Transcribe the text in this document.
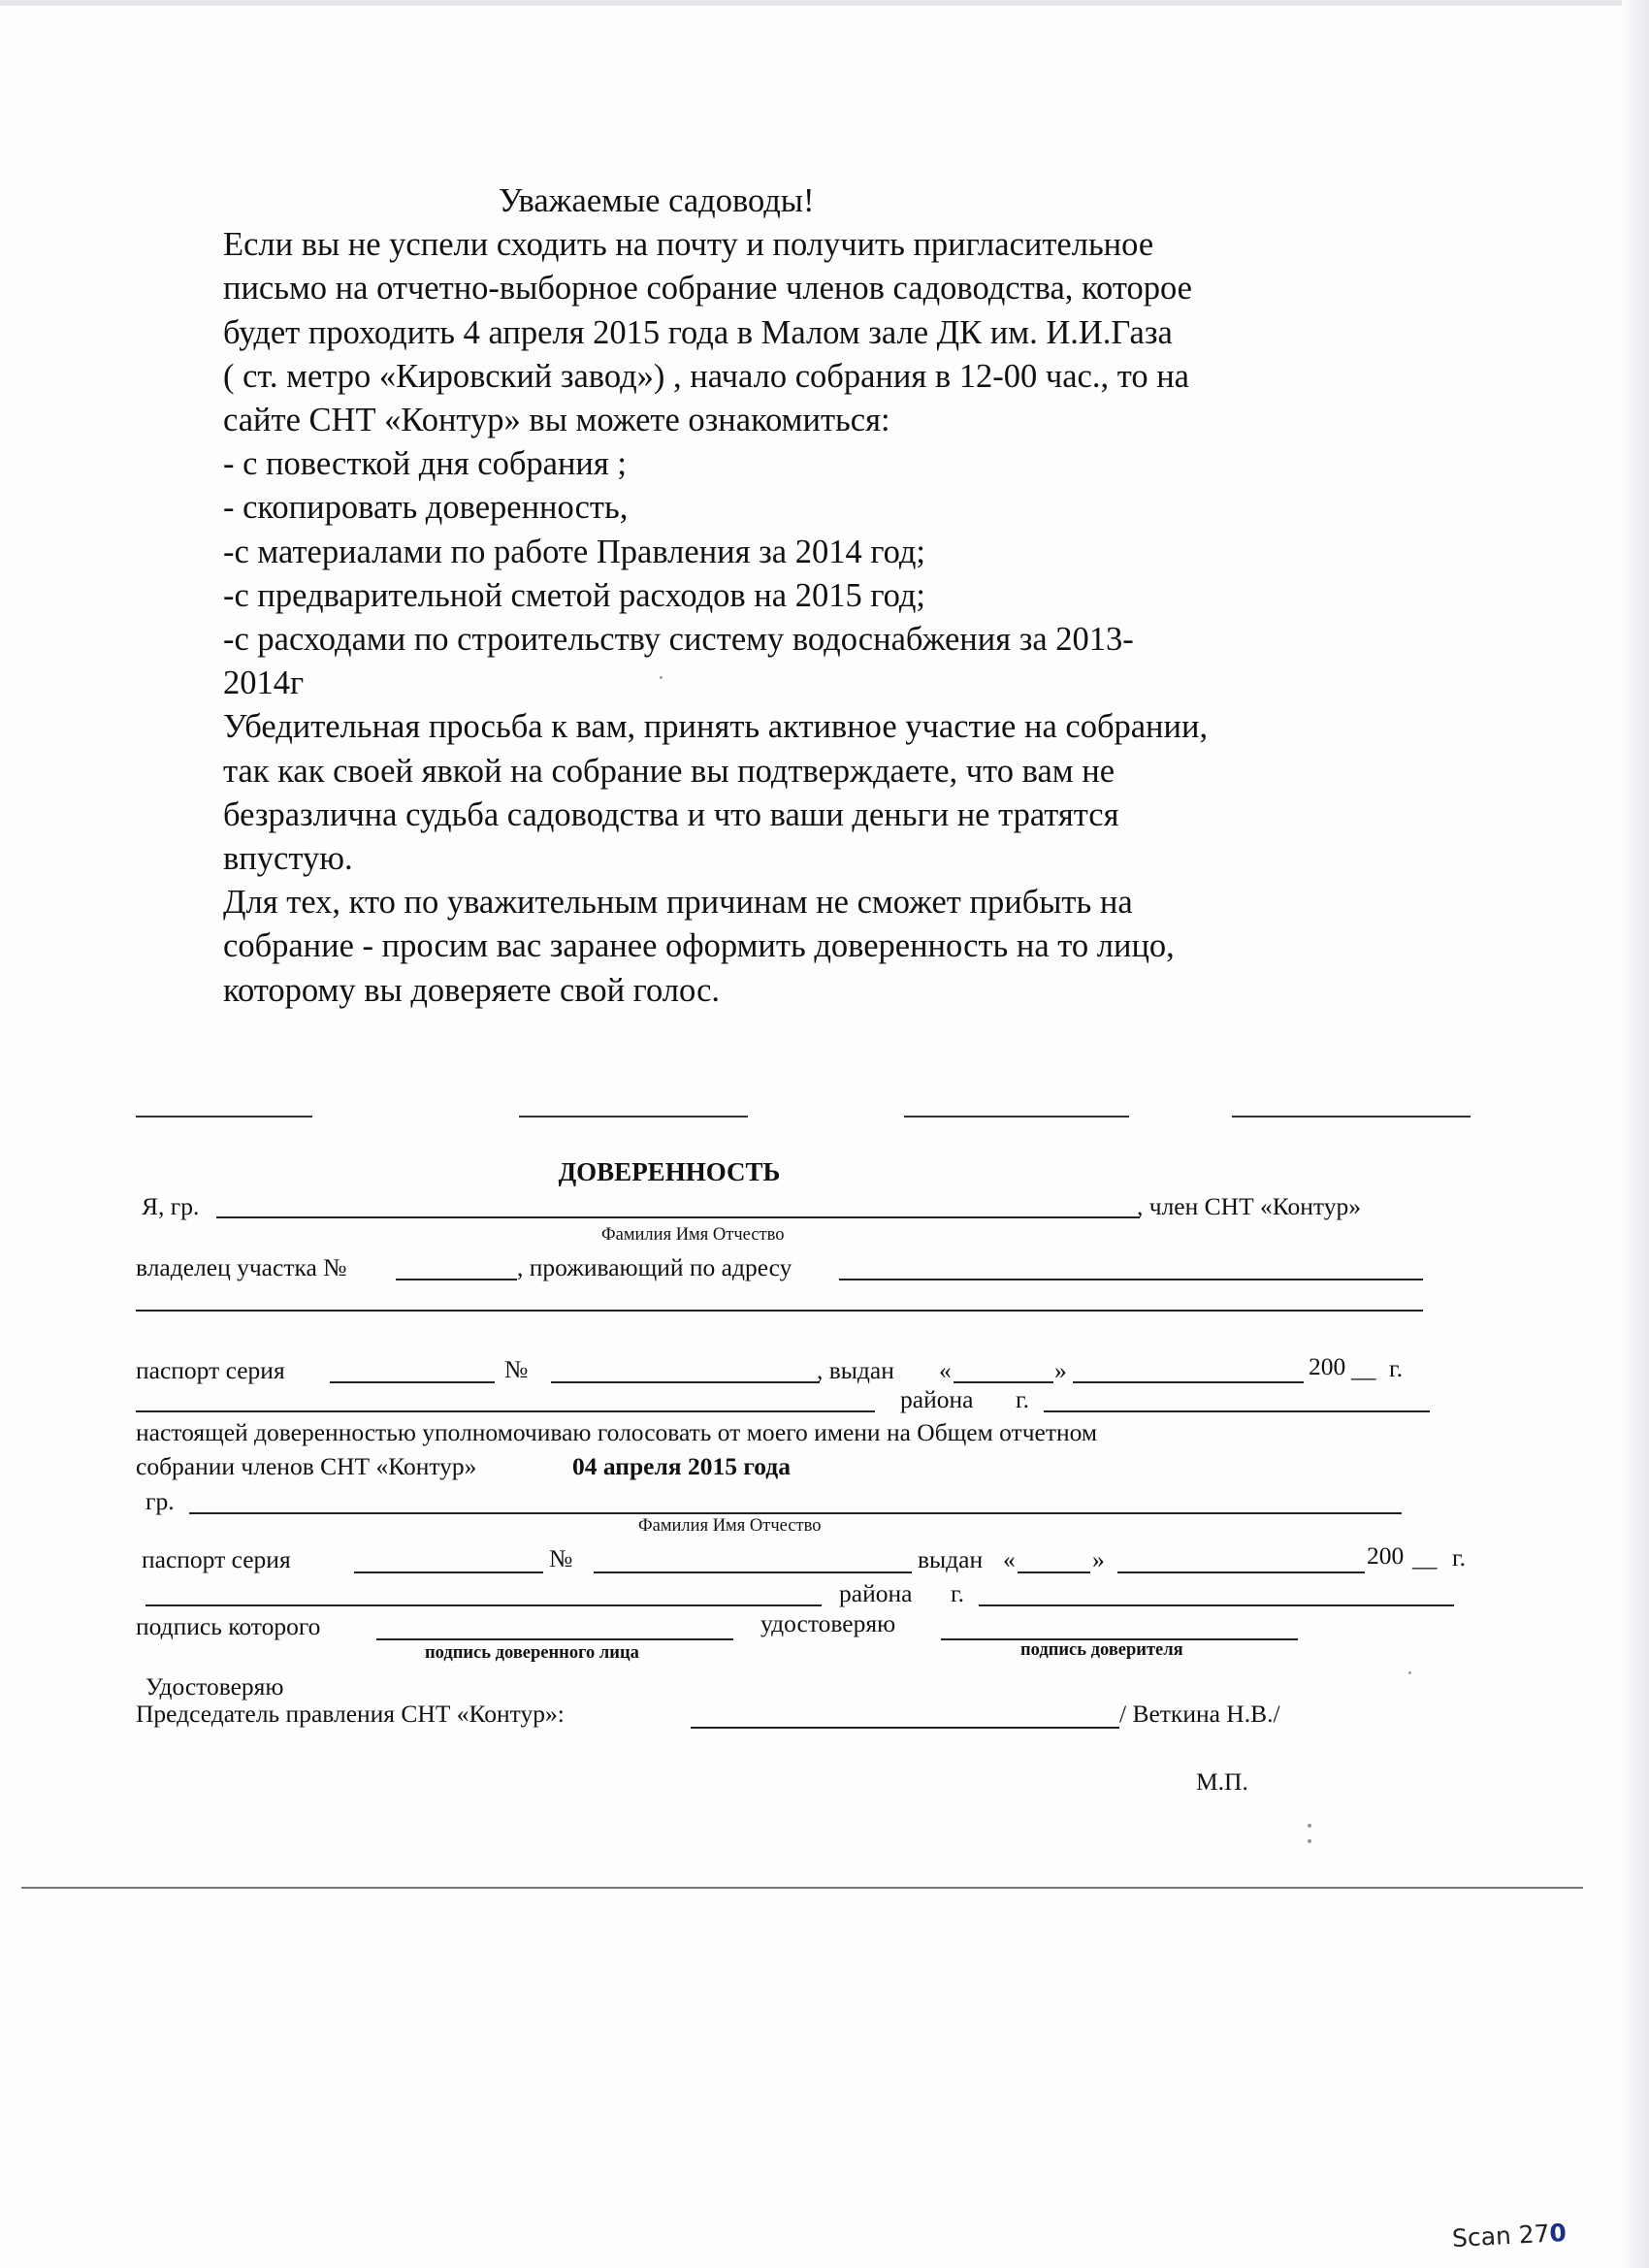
Уважаемые садоводы!
Если вы не успели сходить на почту и получить пригласительное
письмо на отчетно-выборное собрание членов садоводства, которое
будет проходить 4 апреля 2015 года в Малом зале ДК им. И.И.Газа
( ст. метро «Кировский завод») , начало собрания в 12-00 час., то на
сайте СНТ «Контур» вы можете ознакомиться:
- с повесткой дня собрания ;
- скопировать доверенность,
-с материалами по работе Правления за 2014 год;
-с предварительной сметой расходов на 2015 год;
-с расходами по строительству систему водоснабжения за 2013-
2014г
Убедительная просьба к вам, принять активное участие на собрании,
так как своей явкой на собрание вы подтверждаете, что вам не
безразлична судьба садоводства и что ваши деньги не тратятся
впустую.
Для тех, кто по уважительным причинам не сможет прибыть на
собрание - просим вас заранее оформить доверенность на то лицо,
которому вы доверяете свой голос.
ДОВЕРЕННОСТЬ
Я, гр.	, член СНТ «Контур»
Фамилия Имя Отчество
владелец участка №	, проживающий по адресу
паспорт серия	№	, выдан «	»	200 __ г.
района г.
настоящей доверенностью уполномочиваю голосовать от моего имени на Общем отчетном
собрании членов СНТ «Контур»	04 апреля 2015 года
гр.
Фамилия Имя Отчество
паспорт серия	№	выдан «	»	200 __ г.
района г.
подпись которого	удостоверяю
подпись доверенного лица	подпись доверителя
Удостоверяю
Председатель правления СНТ «Контур»:	/ Веткина Н.В./
М.П.
Scan 270
